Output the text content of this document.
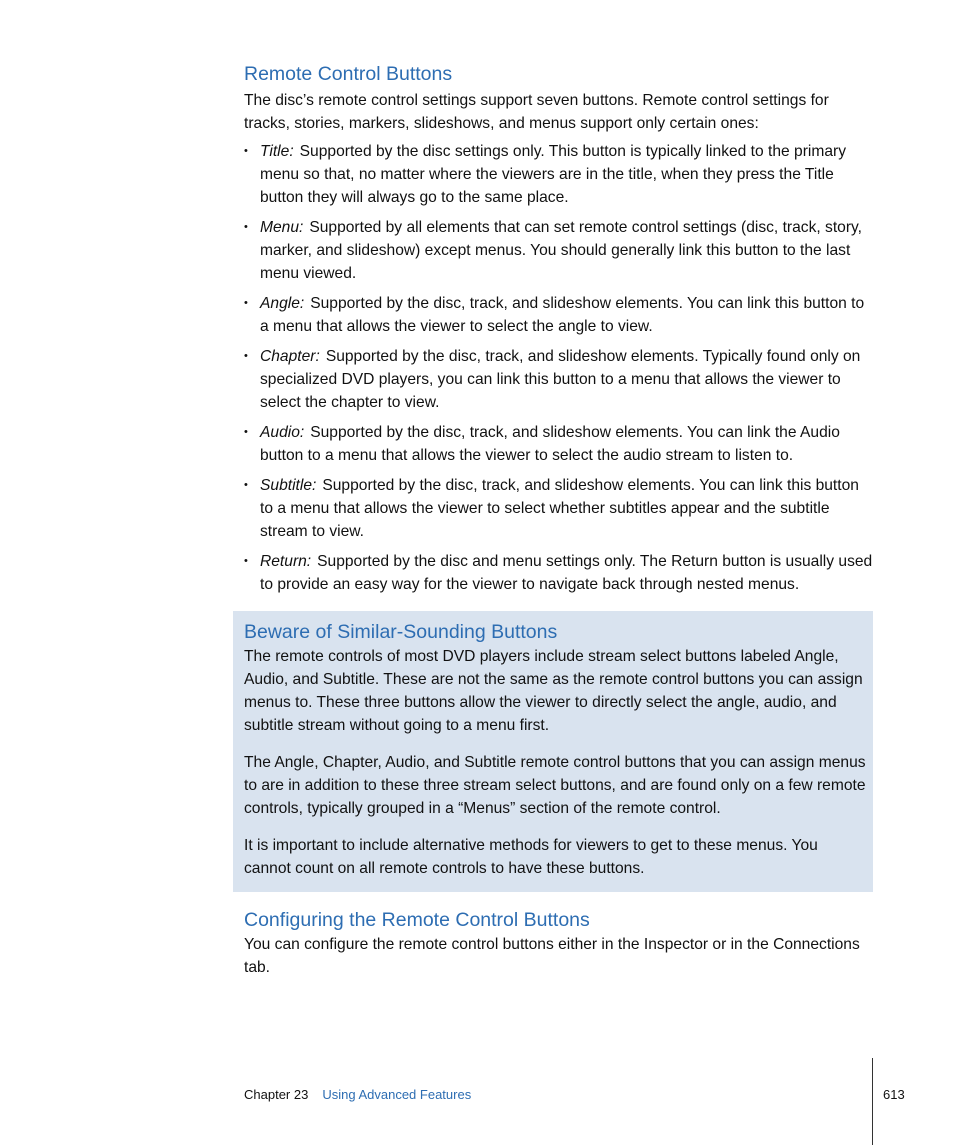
Remote Control Buttons

The disc’s remote control settings support seven buttons. Remote control settings for tracks, stories, markers, slideshows, and menus support only certain ones:

• Title: Supported by the disc settings only. This button is typically linked to the primary menu so that, no matter where the viewers are in the title, when they press the Title button they will always go to the same place.
• Menu: Supported by all elements that can set remote control settings (disc, track, story, marker, and slideshow) except menus. You should generally link this button to the last menu viewed.
• Angle: Supported by the disc, track, and slideshow elements. You can link this button to a menu that allows the viewer to select the angle to view.
• Chapter: Supported by the disc, track, and slideshow elements. Typically found only on specialized DVD players, you can link this button to a menu that allows the viewer to select the chapter to view.
• Audio: Supported by the disc, track, and slideshow elements. You can link the Audio button to a menu that allows the viewer to select the audio stream to listen to.
• Subtitle: Supported by the disc, track, and slideshow elements. You can link this button to a menu that allows the viewer to select whether subtitles appear and the subtitle stream to view.
• Return: Supported by the disc and menu settings only. The Return button is usually used to provide an easy way for the viewer to navigate back through nested menus.
Beware of Similar-Sounding Buttons

The remote controls of most DVD players include stream select buttons labeled Angle, Audio, and Subtitle. These are not the same as the remote control buttons you can assign menus to. These three buttons allow the viewer to directly select the angle, audio, and subtitle stream without going to a menu first.

The Angle, Chapter, Audio, and Subtitle remote control buttons that you can assign menus to are in addition to these three stream select buttons, and are found only on a few remote controls, typically grouped in a “Menus” section of the remote control.

It is important to include alternative methods for viewers to get to these menus. You cannot count on all remote controls to have these buttons.

Configuring the Remote Control Buttons

You can configure the remote control buttons either in the Inspector or in the Connections tab.

Chapter 23 Using Advanced Features	613
